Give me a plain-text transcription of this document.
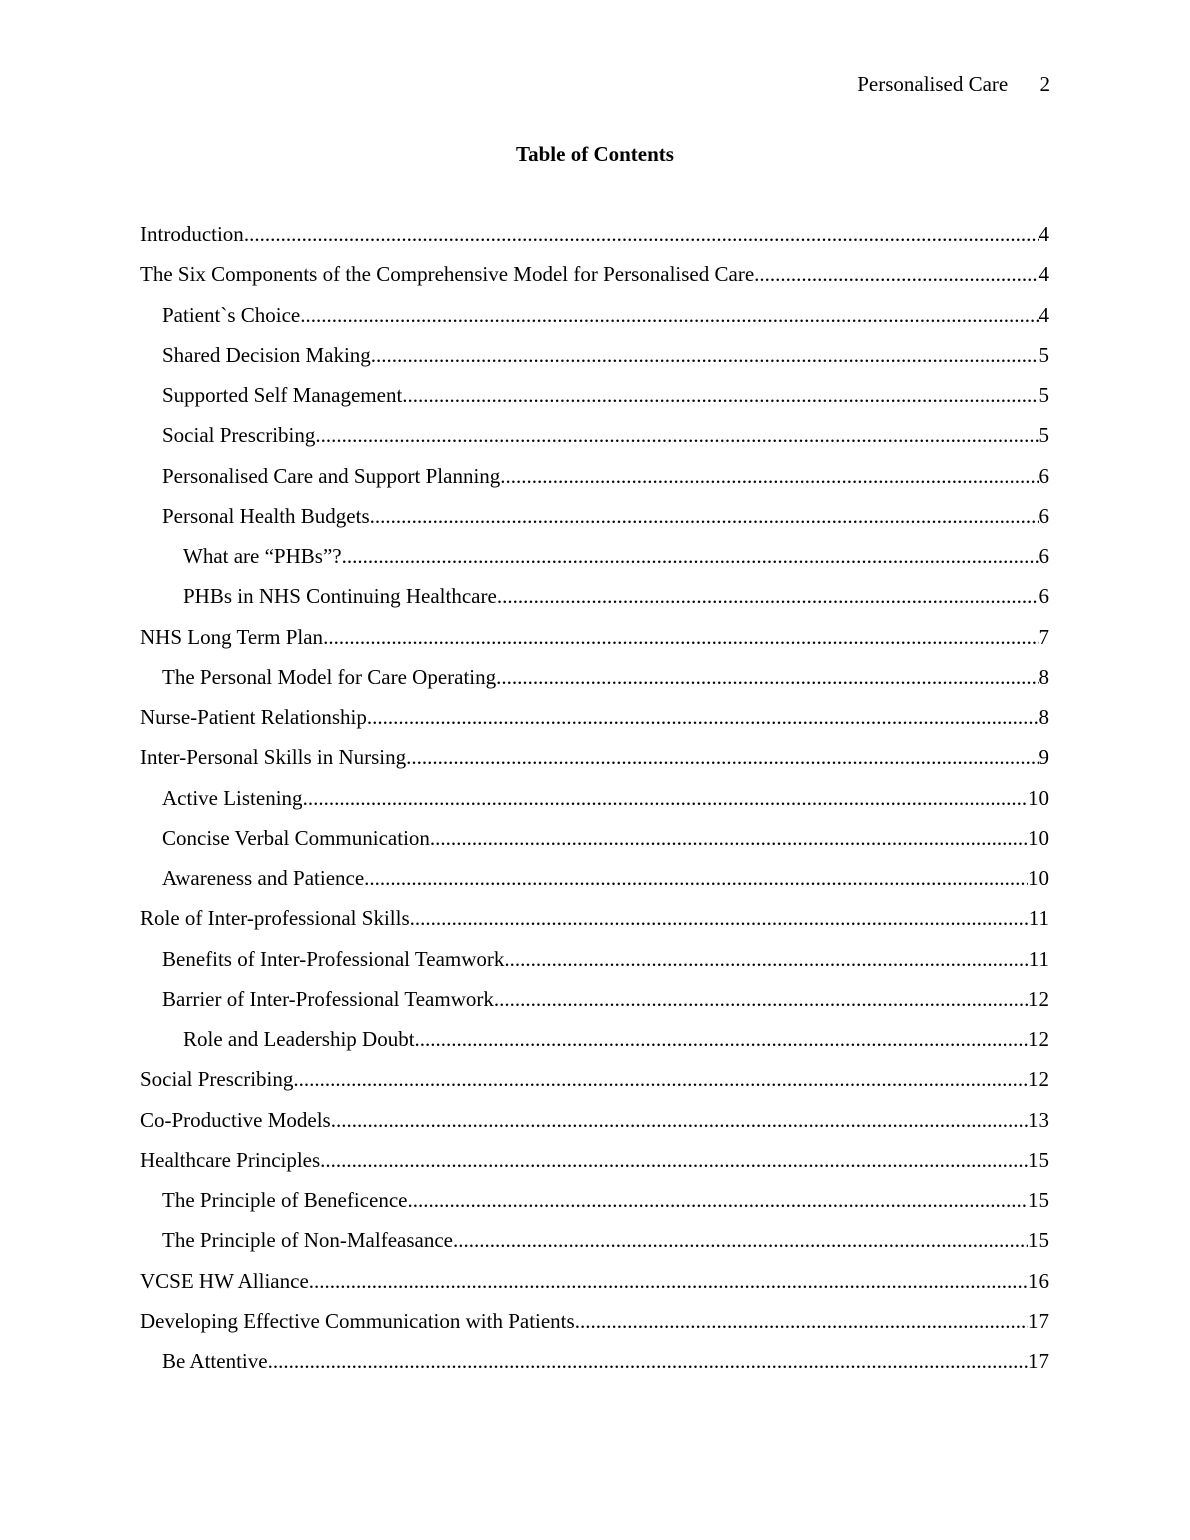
Personalised Care 2
Table of Contents
Introduction .....	4
The Six Components of the Comprehensive Model for Personalised Care .....	4
Patient`s Choice .....	4
Shared Decision Making .....	5
Supported Self Management .....	5
Social Prescribing .....	5
Personalised Care and Support Planning .....	6
Personal Health Budgets .....	6
What are “PHBs”? .....	6
PHBs in NHS Continuing Healthcare .....	6
NHS Long Term Plan .....	7
The Personal Model for Care Operating .....	8
Nurse-Patient Relationship .....	8
Inter-Personal Skills in Nursing .....	9
Active Listening .....	10
Concise Verbal Communication .....	10
Awareness and Patience .....	10
Role of Inter-professional Skills .....	11
Benefits of Inter-Professional Teamwork .....	11
Barrier of Inter-Professional Teamwork .....	12
Role and Leadership Doubt .....	12
Social Prescribing .....	12
Co-Productive Models .....	13
Healthcare Principles .....	15
The Principle of Beneficence .....	15
The Principle of Non-Malfeasance .....	15
VCSE HW Alliance .....	16
Developing Effective Communication with Patients .....	17
Be Attentive .....	17
